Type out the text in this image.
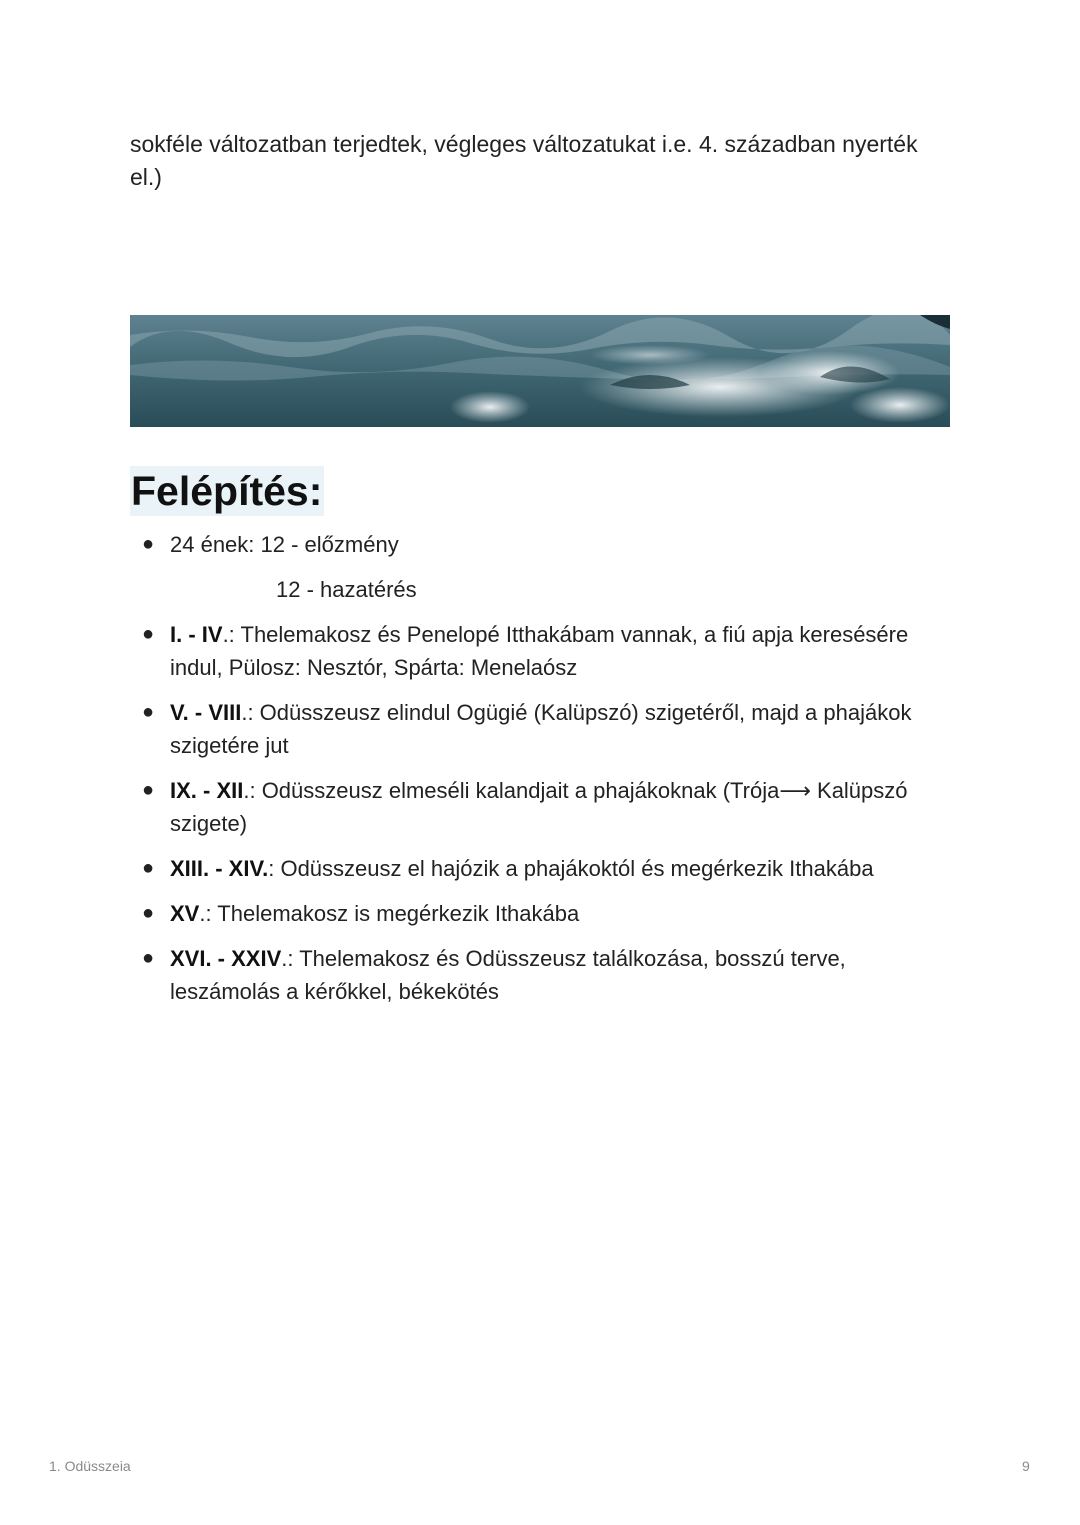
sokféle változatban terjedtek, végleges változatukat i.e. 4. században nyerték el.)

Felépítés:
● 24 ének: 12 - előzmény
12 - hazatérés
● I. - IV.: Thelemakosz és Penelopé Itthakábam vannak, a fiú apja keresésére indul, Pülosz: Nesztór, Spárta: Menelaósz
● V. - VIII.: Odüsszeusz elindul Ogügié (Kalüpszó) szigetéről, majd a phajákok szigetére jut
● IX. - XII.: Odüsszeusz elmeséli kalandjait a phajákoknak (Trója⟶ Kalüpszó szigete)
● XIII. - XIV.: Odüsszeusz el hajózik a phajákoktól és megérkezik Ithakába
● XV.: Thelemakosz is megérkezik Ithakába
● XVI. - XXIV.: Thelemakosz és Odüsszeusz találkozása, bosszú terve, leszámolás a kérőkkel, békekötés
1. Odüsszeia	9
